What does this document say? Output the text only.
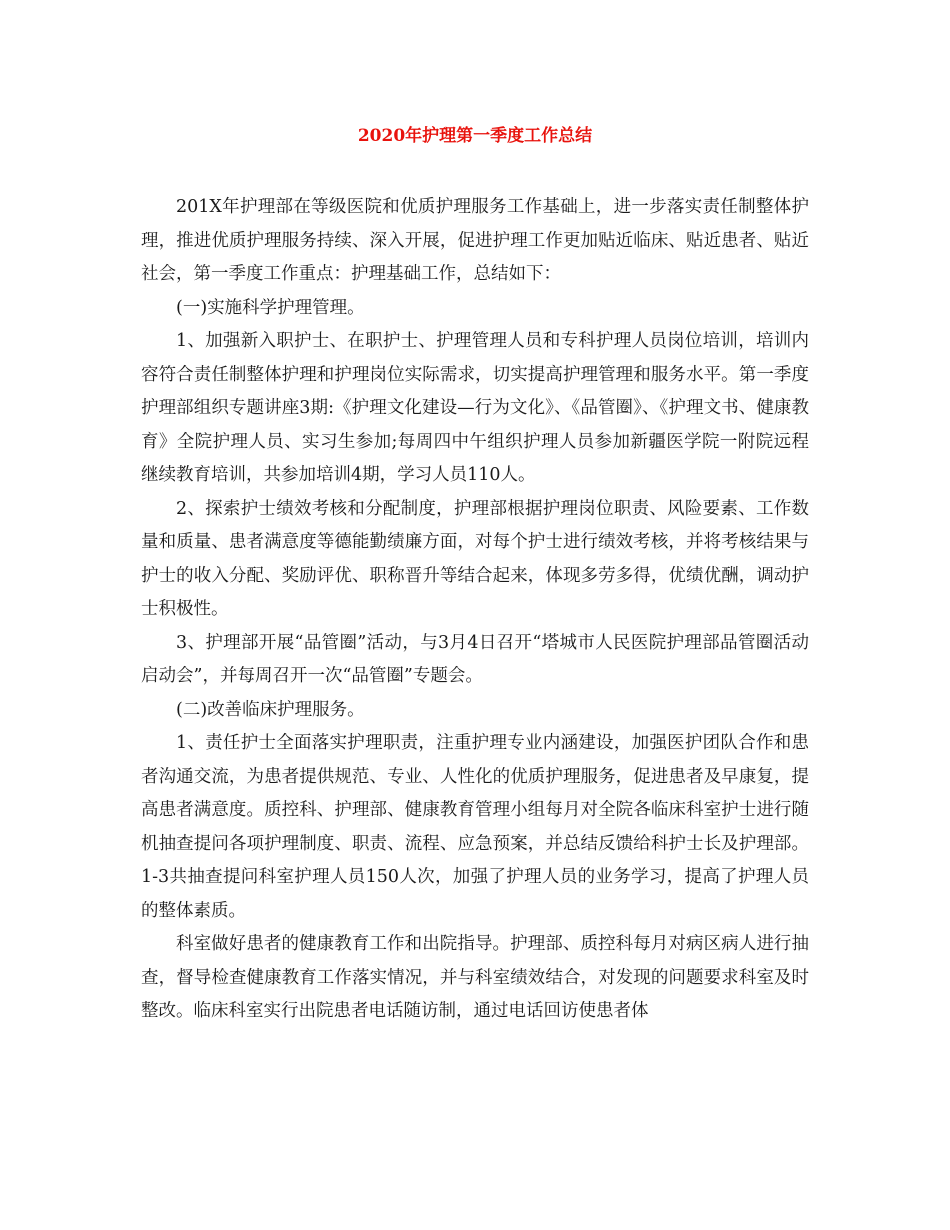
2020年护理第一季度工作总结

201X年护理部在等级医院和优质护理服务工作基础上，进一步落实责任制整体护理，推进优质护理服务持续、深入开展，促进护理工作更加贴近临床、贴近患者、贴近社会，第一季度工作重点：护理基础工作，总结如下：

(一)实施科学护理管理。

1、加强新入职护士、在职护士、护理管理人员和专科护理人员岗位培训，培训内容符合责任制整体护理和护理岗位实际需求，切实提高护理管理和服务水平。第一季度护理部组织专题讲座3期:《护理文化建设—行为文化》、《品管圈》、《护理文书、健康教育》全院护理人员、实习生参加;每周四中午组织护理人员参加新疆医学院一附院远程继续教育培训，共参加培训4期，学习人员110人。

2、探索护士绩效考核和分配制度，护理部根据护理岗位职责、风险要素、工作数量和质量、患者满意度等德能勤绩廉方面，对每个护士进行绩效考核，并将考核结果与护士的收入分配、奖励评优、职称晋升等结合起来，体现多劳多得，优绩优酬，调动护士积极性。

3、护理部开展“品管圈”活动，与3月4日召开“塔城市人民医院护理部品管圈活动启动会”，并每周召开一次“品管圈”专题会。

(二)改善临床护理服务。

1、责任护士全面落实护理职责，注重护理专业内涵建设，加强医护团队合作和患者沟通交流，为患者提供规范、专业、人性化的优质护理服务，促进患者及早康复，提高患者满意度。质控科、护理部、健康教育管理小组每月对全院各临床科室护士进行随机抽查提问各项护理制度、职责、流程、应急预案，并总结反馈给科护士长及护理部。1-3共抽查提问科室护理人员150人次，加强了护理人员的业务学习，提高了护理人员的整体素质。

科室做好患者的健康教育工作和出院指导。护理部、质控科每月对病区病人进行抽查，督导检查健康教育工作落实情况，并与科室绩效结合，对发现的问题要求科室及时整改。临床科室实行出院患者电话随访制，通过电话回访使患者体
